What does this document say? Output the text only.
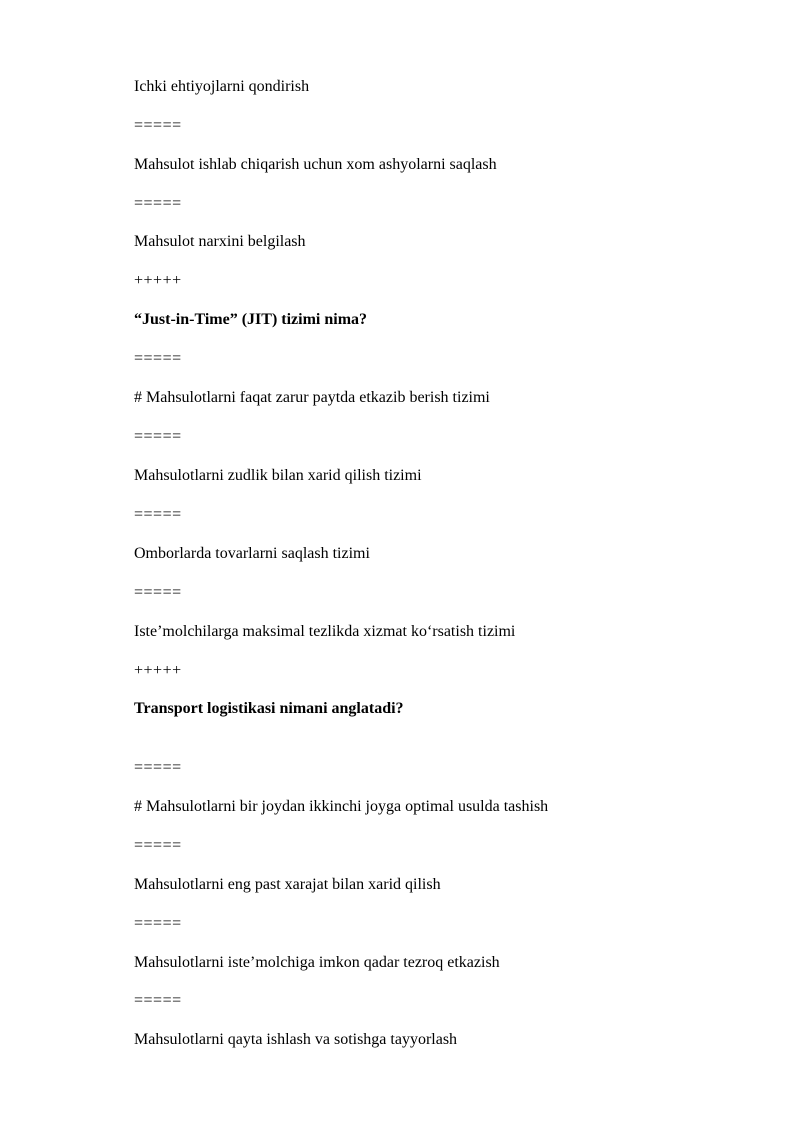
Ichki ehtiyojlarni qondirish
=====
Mahsulot ishlab chiqarish uchun xom ashyolarni saqlash
=====
Mahsulot narxini belgilash
+++++
“Just-in-Time” (JIT) tizimi nima?
=====
# Mahsulotlarni faqat zarur paytda etkazib berish tizimi
=====
Mahsulotlarni zudlik bilan xarid qilish tizimi
=====
Omborlarda tovarlarni saqlash tizimi
=====
Iste’molchilarga maksimal tezlikda xizmat ko‘rsatish tizimi
+++++
Transport logistikasi nimani anglatadi?
=====
# Mahsulotlarni bir joydan ikkinchi joyga optimal usulda tashish
=====
Mahsulotlarni eng past xarajat bilan xarid qilish
=====
Mahsulotlarni iste’molchiga imkon qadar tezroq etkazish
=====
Mahsulotlarni qayta ishlash va sotishga tayyorlash
